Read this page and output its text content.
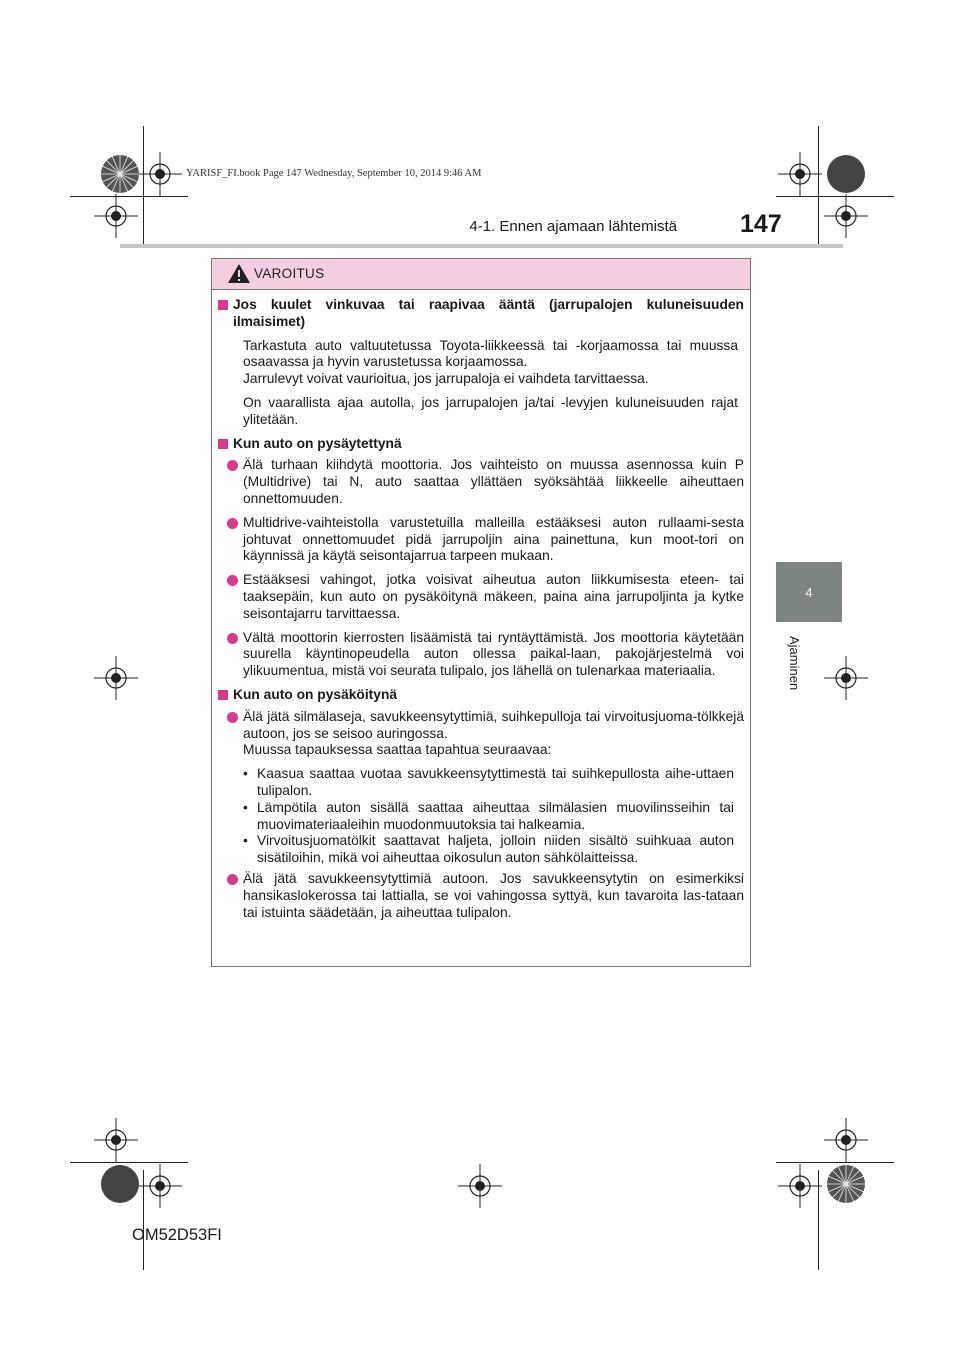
YARISF_FI.book Page 147 Wednesday, September 10, 2014 9:46 AM
4-1. Ennen ajamaan lähtemistä	147
4
Ajaminen
VAROITUS
Jos kuulet vinkuvaa tai raapivaa ääntä (jarrupalojen kuluneisuuden ilmaisimet)
Tarkastuta auto valtuutetussa Toyota-liikkeessä tai -korjaamossa tai muussa osaavassa ja hyvin varustetussa korjaamossa.
Jarrulevyt voivat vaurioitua, jos jarrupaloja ei vaihdeta tarvittaessa.
On vaarallista ajaa autolla, jos jarrupalojen ja/tai -levyjen kuluneisuuden rajat ylitetään.
Kun auto on pysäytettynä
Älä turhaan kiihdytä moottoria. Jos vaihteisto on muussa asennossa kuin P (Multidrive) tai N, auto saattaa yllättäen syöksähtää liikkeelle aiheuttaen onnettomuuden.
Multidrive-vaihteistolla varustetuilla malleilla estääksesi auton rullaami-sesta johtuvat onnettomuudet pidä jarrupoljin aina painettuna, kun moot-tori on käynnissä ja käytä seisontajarrua tarpeen mukaan.
Estääksesi vahingot, jotka voisivat aiheutua auton liikkumisesta eteen- tai taaksepäin, kun auto on pysäköitynä mäkeen, paina aina jarrupoljinta ja kytke seisontajarru tarvittaessa.
Vältä moottorin kierrosten lisäämistä tai ryntäyttämistä. Jos moottoria käytetään suurella käyntinopeudella auton ollessa paikal-laan, pakojärjestelmä voi ylikuumentua, mistä voi seurata tulipalo, jos lähellä on tulenarkaa materiaalia.
Kun auto on pysäköitynä
Älä jätä silmälaseja, savukkeensytyttimiä, suihkepulloja tai virvoitusjuoma-tölkkejä autoon, jos se seisoo auringossa.
Muussa tapauksessa saattaa tapahtua seuraavaa:
• Kaasua saattaa vuotaa savukkeensytyttimestä tai suihkepullosta aihe-uttaen tulipalon.
• Lämpötila auton sisällä saattaa aiheuttaa silmälasien muovilinsseihin tai muovimateriaaleihin muodonmuutoksia tai halkeamia.
• Virvoitusjuomatölkit saattavat haljeta, jolloin niiden sisältö suihkuaa auton sisätiloihin, mikä voi aiheuttaa oikosulun auton sähkölaitteissa.
Älä jätä savukkeensytyttimiä autoon. Jos savukkeensytytin on esimerkiksi hansikaslokerossa tai lattialla, se voi vahingossa syttyä, kun tavaroita las-tataan tai istuinta säädetään, ja aiheuttaa tulipalon.
OM52D53FI
